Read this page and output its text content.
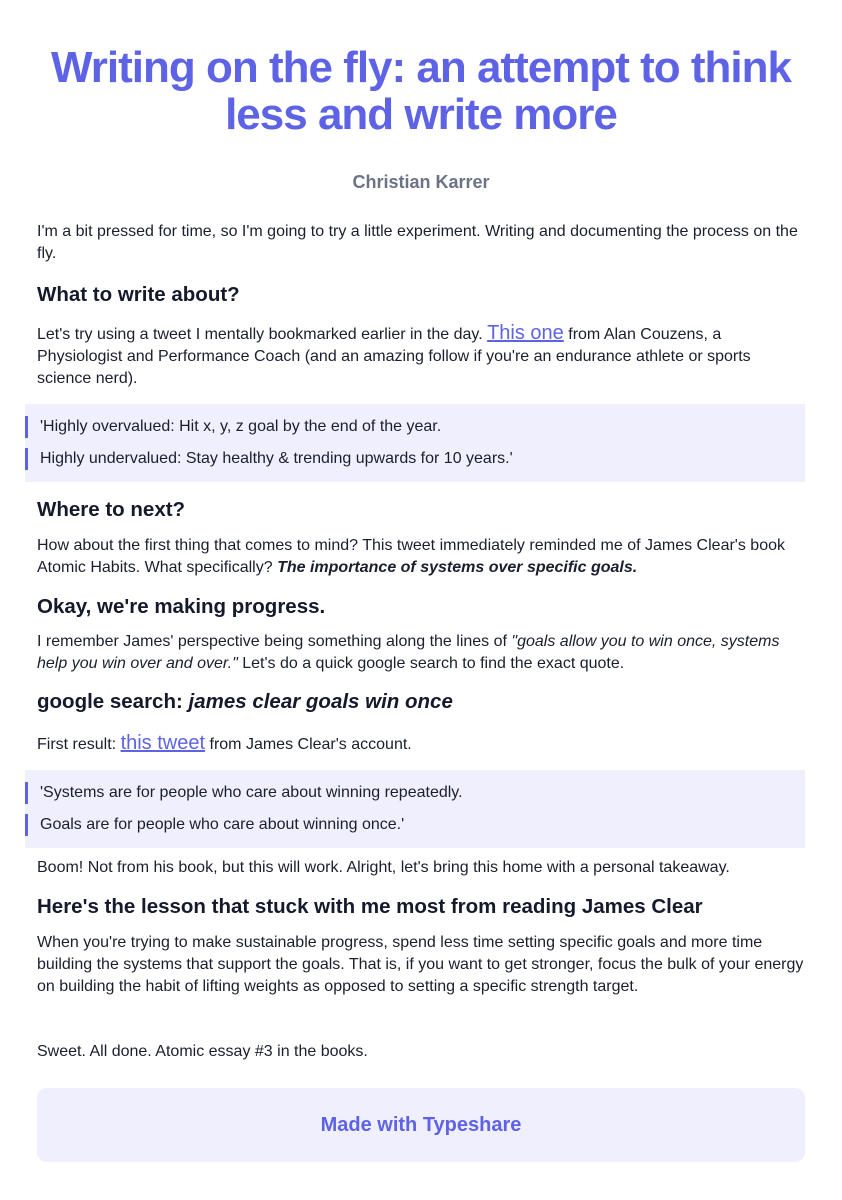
Writing on the fly: an attempt to think less and write more
Christian Karrer

I'm a bit pressed for time, so I'm going to try a little experiment. Writing and documenting the process on the fly.

What to write about?

Let's try using a tweet I mentally bookmarked earlier in the day. This one from Alan Couzens, a Physiologist and Performance Coach (and an amazing follow if you're an endurance athlete or sports science nerd).

'Highly overvalued: Hit x, y, z goal by the end of the year.
Highly undervalued: Stay healthy & trending upwards for 10 years.'
Where to next?

How about the first thing that comes to mind? This tweet immediately reminded me of James Clear's book Atomic Habits. What specifically? The importance of systems over specific goals.

Okay, we're making progress.

I remember James' perspective being something along the lines of "goals allow you to win once, systems help you win over and over." Let's do a quick google search to find the exact quote.

google search: james clear goals win once

First result: this tweet from James Clear's account.

'Systems are for people who care about winning repeatedly.
Goals are for people who care about winning once.'

Boom! Not from his book, but this will work. Alright, let's bring this home with a personal takeaway.

Here's the lesson that stuck with me most from reading James Clear

When you're trying to make sustainable progress, spend less time setting specific goals and more time building the systems that support the goals. That is, if you want to get stronger, focus the bulk of your energy on building the habit of lifting weights as opposed to setting a specific strength target.

Sweet. All done. Atomic essay #3 in the books.

Made with Typeshare
